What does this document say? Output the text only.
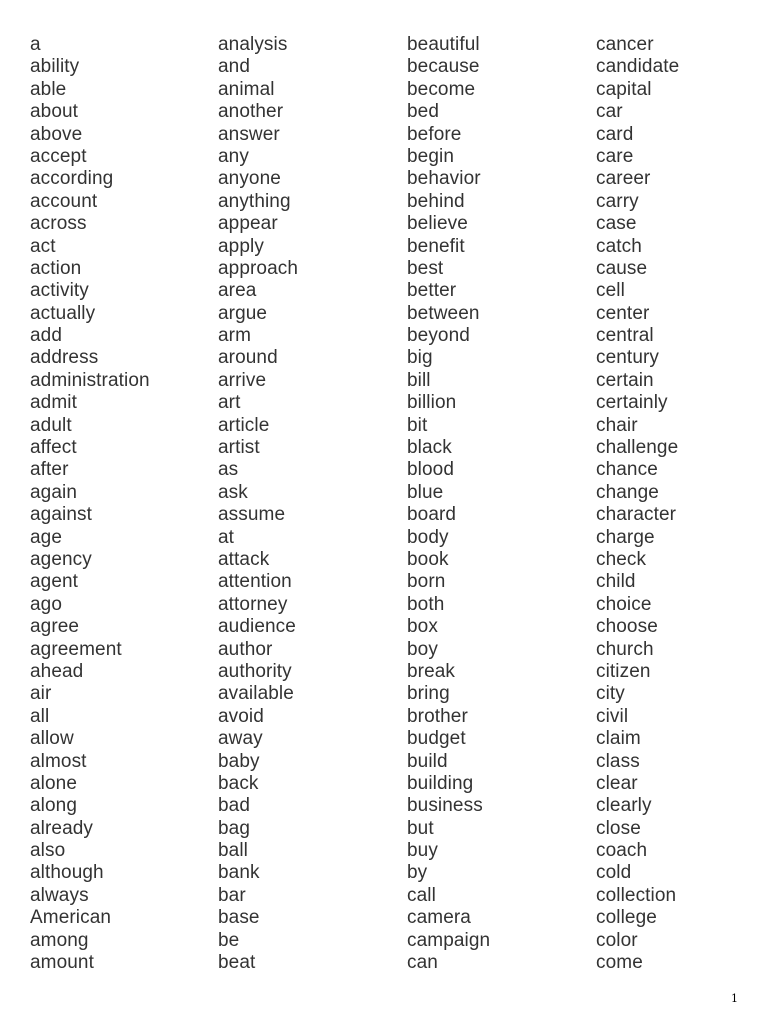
a
ability
able
about
above
accept
according
account
across
act
action
activity
actually
add
address
administration
admit
adult
affect
after
again
against
age
agency
agent
ago
agree
agreement
ahead
air
all
allow
almost
alone
along
already
also
although
always
American
among
amount
analysis
and
animal
another
answer
any
anyone
anything
appear
apply
approach
area
argue
arm
around
arrive
art
article
artist
as
ask
assume
at
attack
attention
attorney
audience
author
authority
available
avoid
away
baby
back
bad
bag
ball
bank
bar
base
be
beat
beautiful
because
become
bed
before
begin
behavior
behind
believe
benefit
best
better
between
beyond
big
bill
billion
bit
black
blood
blue
board
body
book
born
both
box
boy
break
bring
brother
budget
build
building
business
but
buy
by
call
camera
campaign
can
cancer
candidate
capital
car
card
care
career
carry
case
catch
cause
cell
center
central
century
certain
certainly
chair
challenge
chance
change
character
charge
check
child
choice
choose
church
citizen
city
civil
claim
class
clear
clearly
close
coach
cold
collection
college
color
come
1
